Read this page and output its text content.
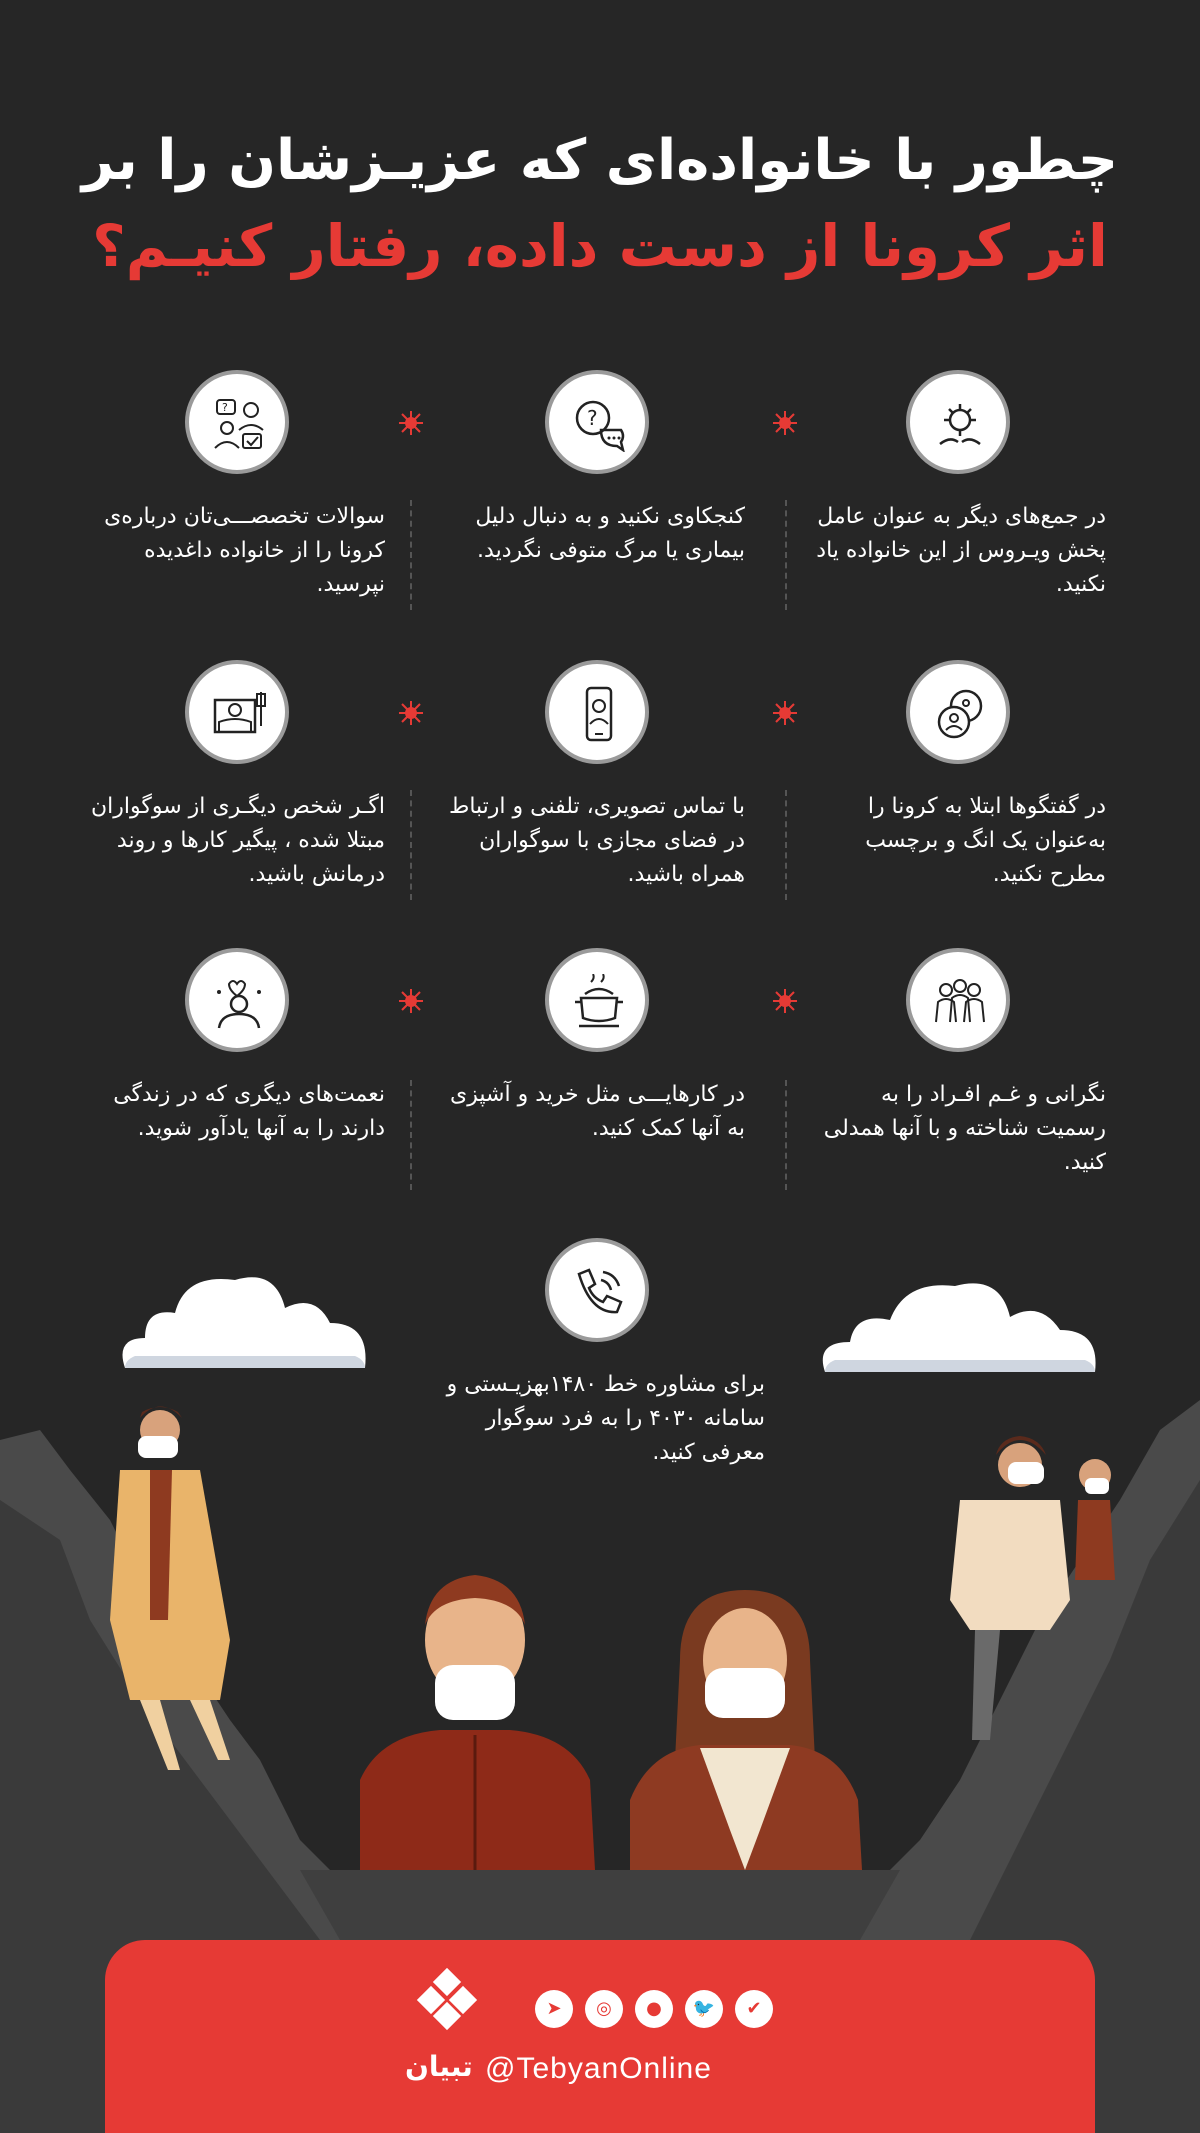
چطور با خانواده‌ای که عزیـزشان را بر
اثر کرونا از دست داده، رفتار کنیـم؟
در جمع‌های دیگر به عنوان عامل پخش ویـروس از این خانواده یاد نکنید.
?
کنجکاوی نکنید و به دنبال دلیل بیماری یا مرگ متوفی نگردید.
?
سوالات تخصصـــی‌تان درباره‌ی کرونا را از خانواده داغدیده نپرسید.
در گفتگوها ابتلا به کرونا را به‌عنوان یک انگ و برچسب مطرح نکنید.
با تماس تصویری، تلفنی و ارتباط در فضای مجازی با سوگواران همراه باشید.
اگـر شخص دیگـری از سوگواران مبتلا شده ، پیگیر کارها و روند درمانش باشید.
نگرانی و غـم افـراد را به رسمیت شناخته و با آنها همدلی کنید.
در کارهایـــی مثل خرید و آشپزی به آنها کمک کنید.
نعمت‌های دیگری که در زندگی دارند را به آنها یادآور شوید.
برای مشاوره خط ۱۴۸۰بهزیـستی و سامانه ۴۰۳۰ را به فرد سوگوار معرفی کنید.
تبیان
✔
🐦
●
◎
➤
@TebyanOnline
